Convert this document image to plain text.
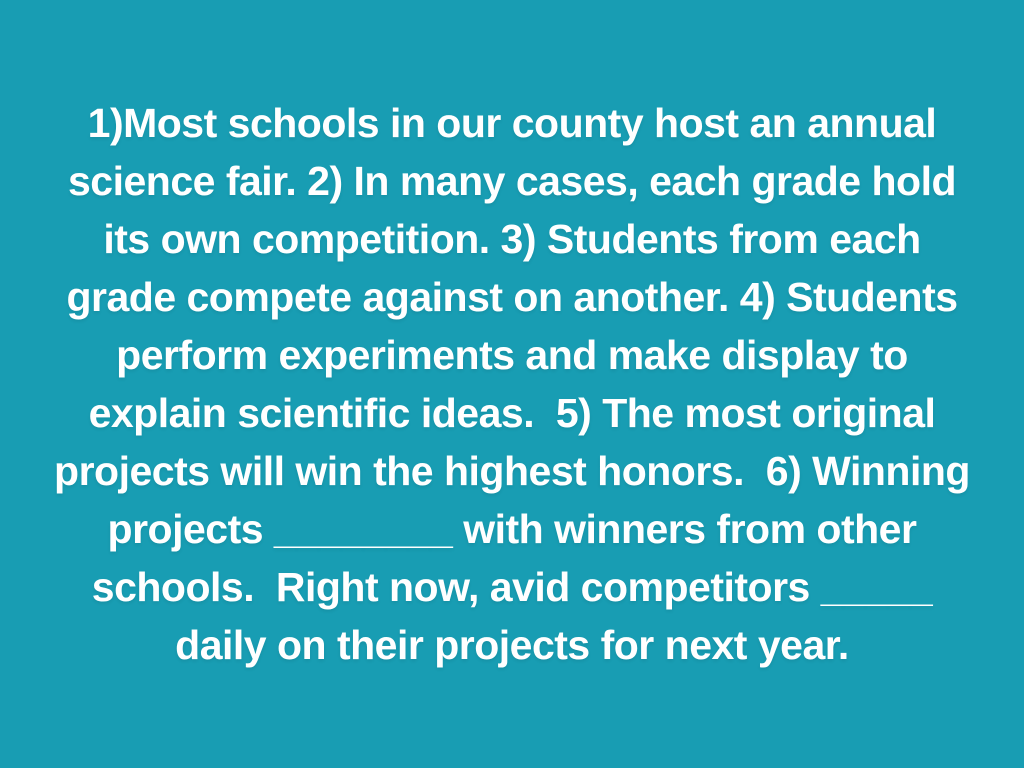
1)Most schools in our county host an annual
science fair. 2) In many cases, each grade hold
its own competition. 3) Students from each
grade compete against on another. 4) Students
perform experiments and make display to
explain scientific ideas.  5) The most original
projects will win the highest honors.  6) Winning
projects ________ with winners from other
schools.  Right now, avid competitors _____
daily on their projects for next year.
